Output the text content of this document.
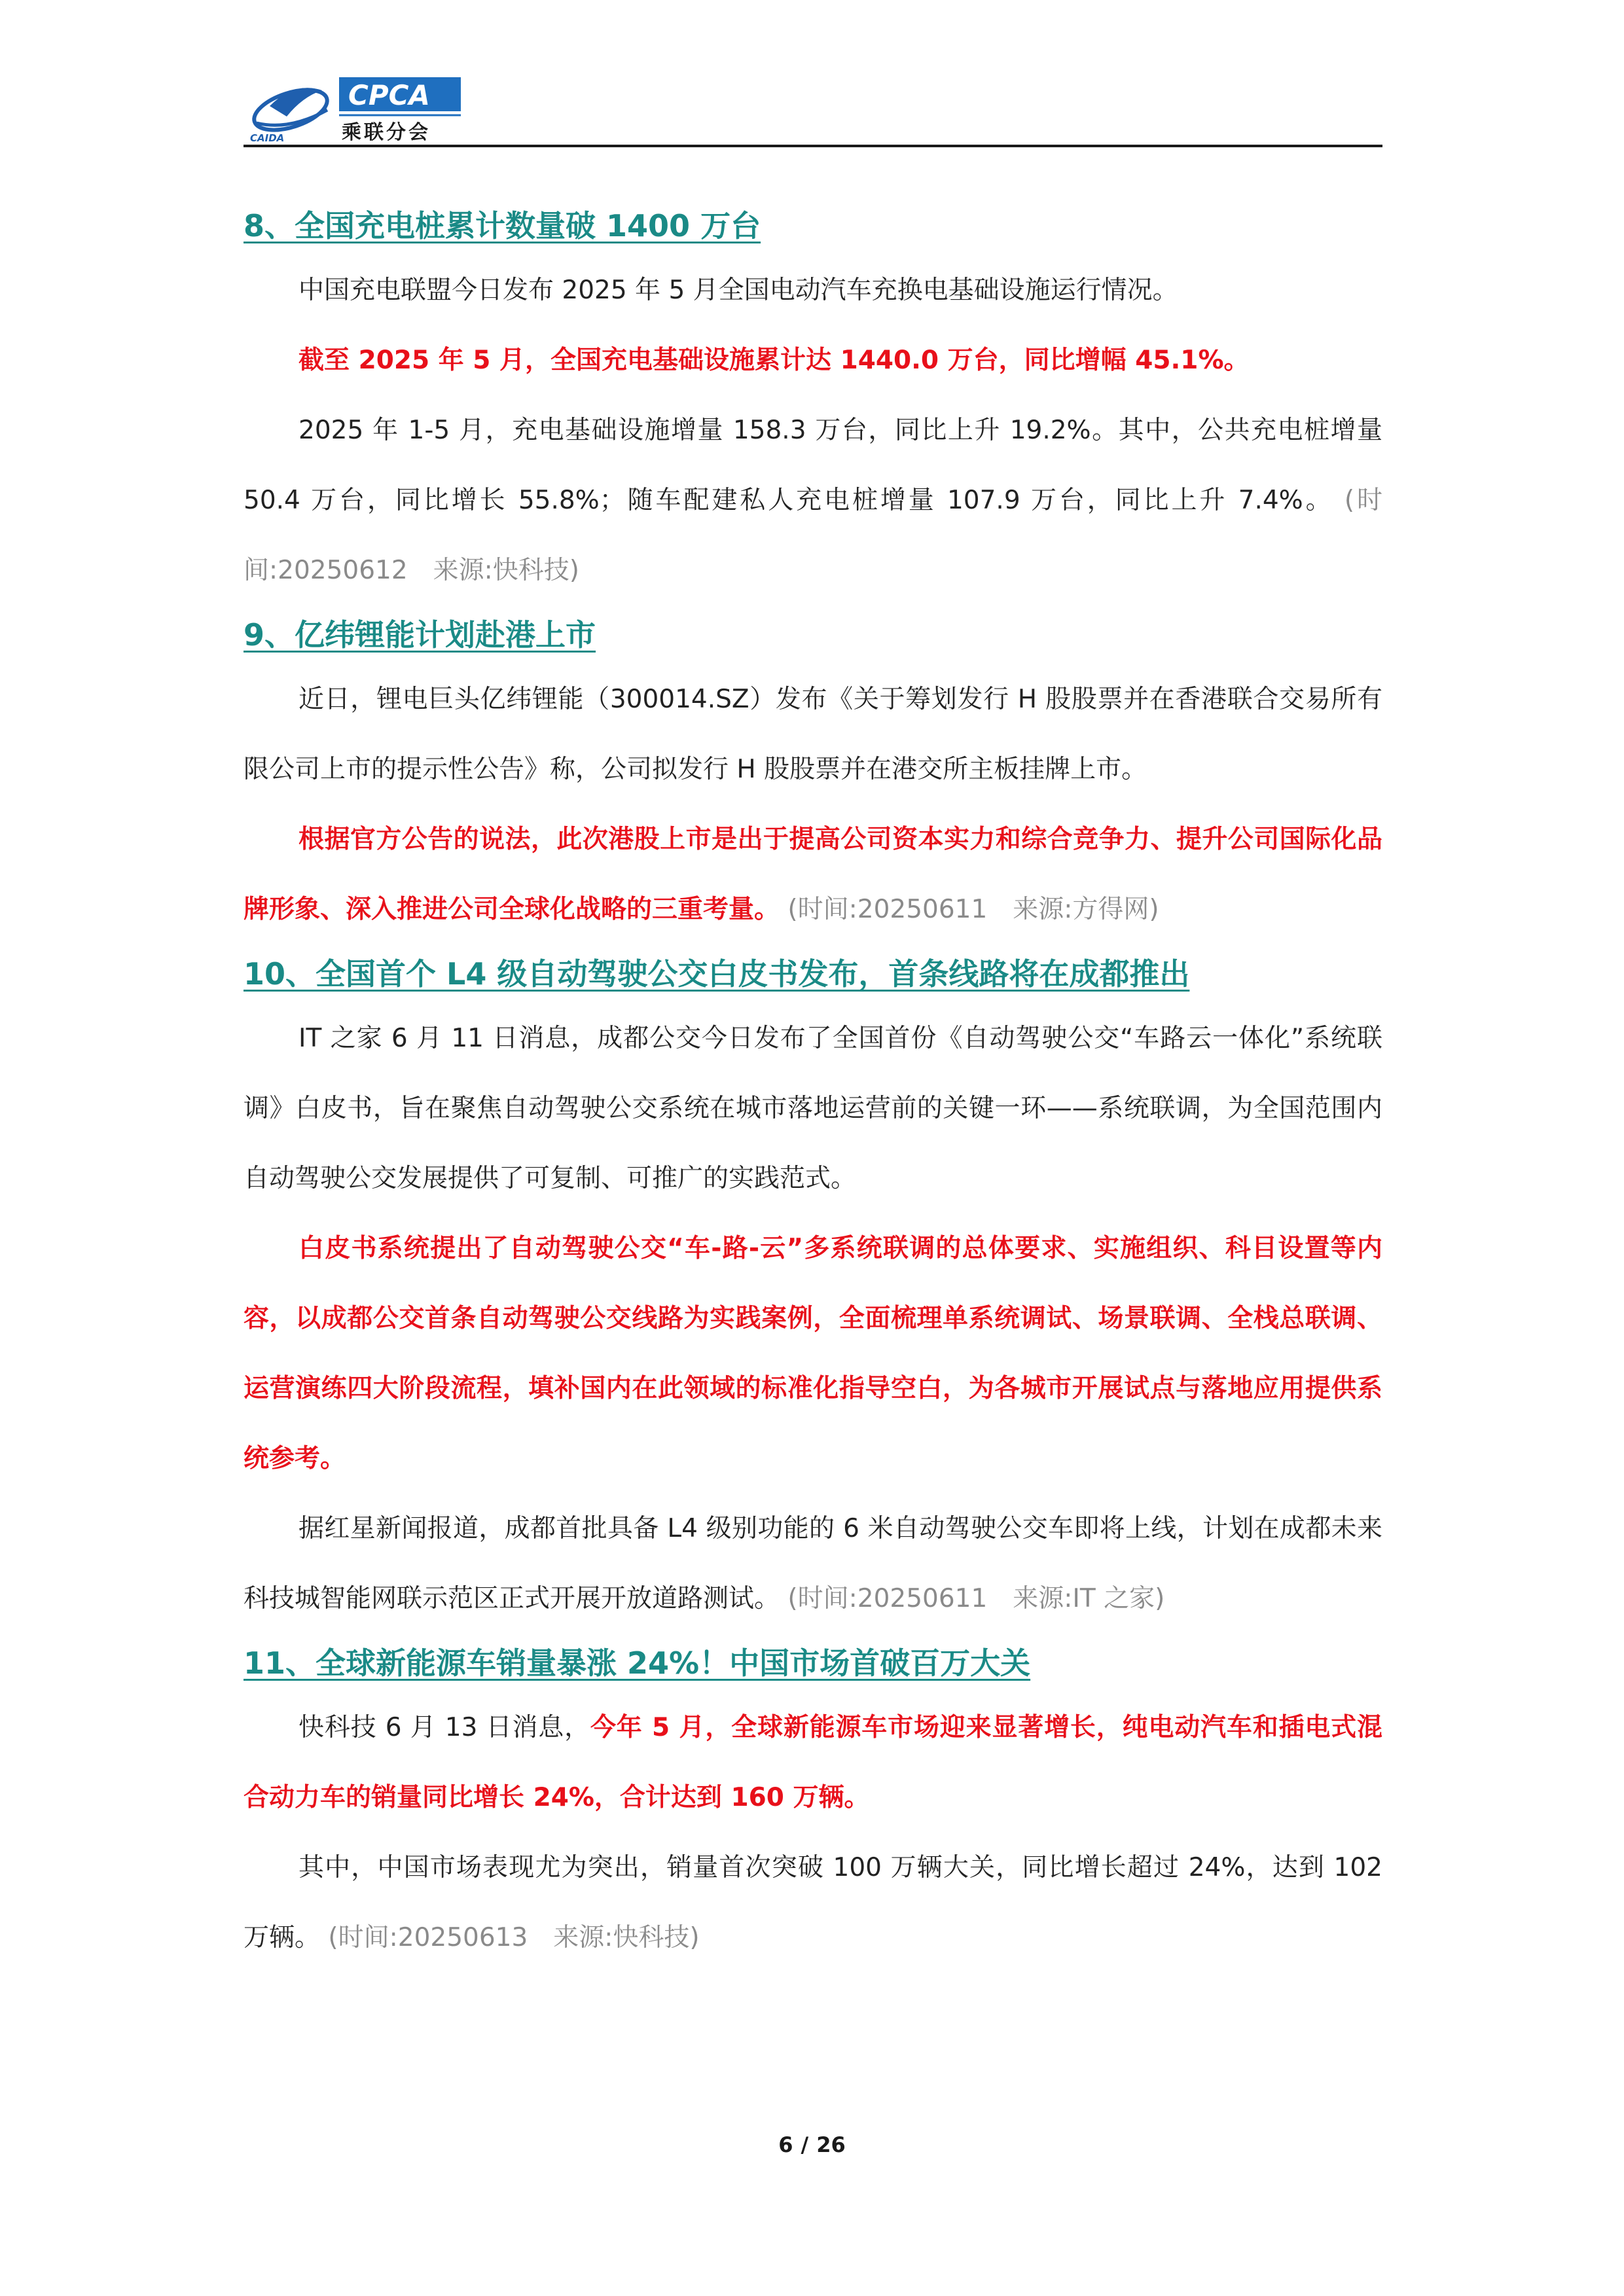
CAIDA
CPCA
乘联分会
8、全国充电桩累计数量破 1400 万台

中国充电联盟今日发布 2025 年 5 月全国电动汽车充换电基础设施运行情况。

截至 2025 年 5 月，全国充电基础设施累计达 1440.0 万台，同比增幅 45.1%。

2025 年 1-5 月，充电基础设施增量 158.3 万台，同比上升 19.2%。其中，公共充电桩增量 50.4 万台，同比增长 55.8%；随车配建私人充电桩增量 107.9 万台，同比上升 7.4%。 (时间:20250612　来源:快科技)

9、亿纬锂能计划赴港上市

近日，锂电巨头亿纬锂能（300014.SZ）发布《关于筹划发行 H 股股票并在香港联合交易所有限公司上市的提示性公告》称，公司拟发行 H 股股票并在港交所主板挂牌上市。

根据官方公告的说法，此次港股上市是出于提高公司资本实力和综合竞争力、提升公司国际化品牌形象、深入推进公司全球化战略的三重考量。 (时间:20250611　来源:方得网)

10、全国首个 L4 级自动驾驶公交白皮书发布，首条线路将在成都推出

IT 之家 6 月 11 日消息，成都公交今日发布了全国首份《自动驾驶公交“车路云一体化”系统联调》白皮书，旨在聚焦自动驾驶公交系统在城市落地运营前的关键一环——系统联调，为全国范围内自动驾驶公交发展提供了可复制、可推广的实践范式。

白皮书系统提出了自动驾驶公交“车-路-云”多系统联调的总体要求、实施组织、科目设置等内容，以成都公交首条自动驾驶公交线路为实践案例，全面梳理单系统调试、场景联调、全栈总联调、运营演练四大阶段流程，填补国内在此领域的标准化指导空白，为各城市开展试点与落地应用提供系统参考。

据红星新闻报道，成都首批具备 L4 级别功能的 6 米自动驾驶公交车即将上线，计划在成都未来科技城智能网联示范区正式开展开放道路测试。 (时间:20250611　来源:IT 之家)

11、全球新能源车销量暴涨 24%！中国市场首破百万大关

快科技 6 月 13 日消息，今年 5 月，全球新能源车市场迎来显著增长，纯电动汽车和插电式混合动力车的销量同比增长 24%，合计达到 160 万辆。

其中，中国市场表现尤为突出，销量首次突破 100 万辆大关，同比增长超过 24%，达到 102 万辆。 (时间:20250613　来源:快科技)

6 / 26
